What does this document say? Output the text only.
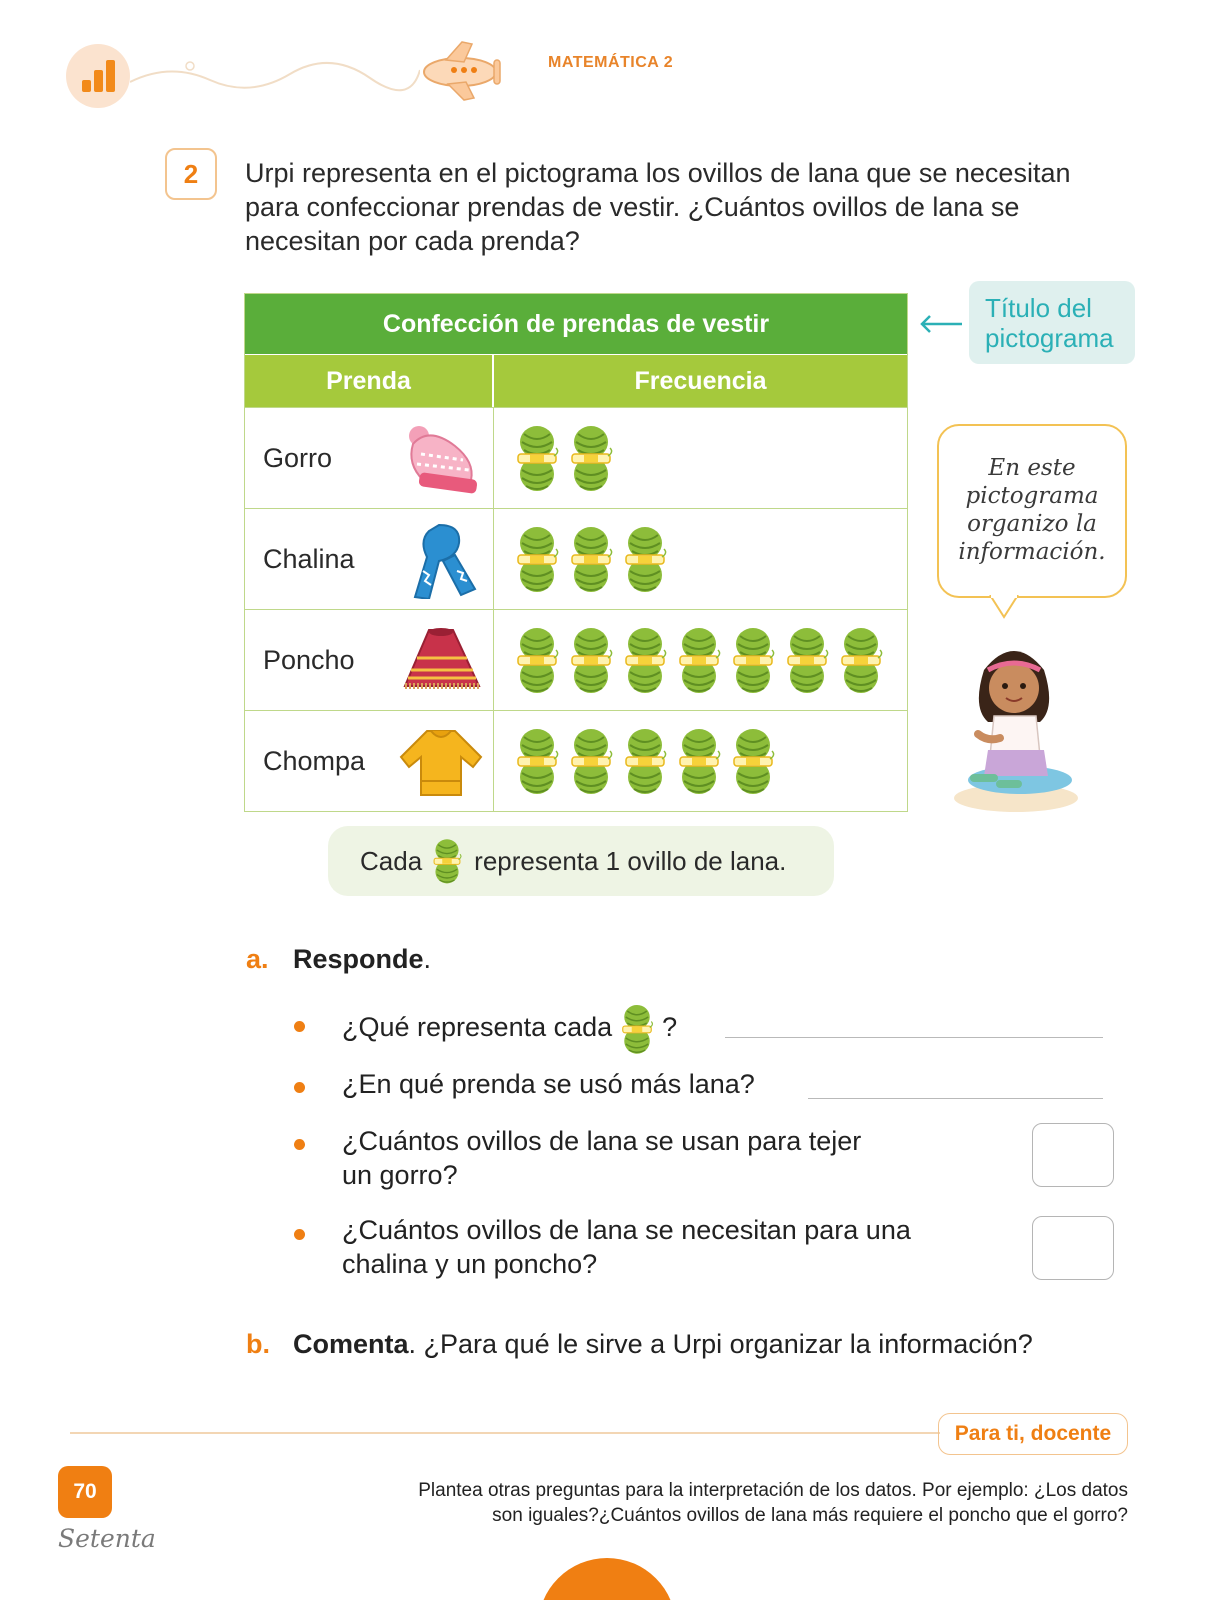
MATEMÁTICA 2
2	Urpi representa en el pictograma los ovillos de lana que se necesitan para confeccionar prendas de vestir. ¿Cuántos ovillos de lana se necesitan por cada prenda?
Confección de prendas de vestir
Prenda	Frecuencia
Gorro
Chalina
Poncho
Chompa
Título del pictograma
En este pictograma organizo la información.
Cada representa 1 ovillo de lana.
a. Responde.
¿Qué representa cada ?
¿En qué prenda se usó más lana?
¿Cuántos ovillos de lana se usan para tejer
un gorro?
¿Cuántos ovillos de lana se necesitan para una
chalina y un poncho?
b. Comenta. ¿Para qué le sirve a Urpi organizar la información?
Para ti, docente
70
Setenta
Plantea otras preguntas para la interpretación de los datos. Por ejemplo: ¿Los datos
son iguales?¿Cuántos ovillos de lana más requiere el poncho que el gorro?
